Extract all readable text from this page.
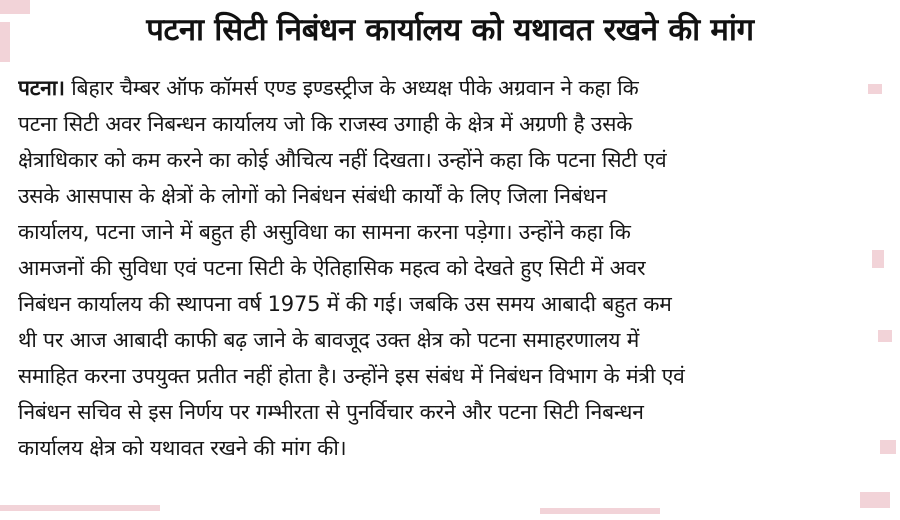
पटना सिटी निबंधन कार्यालय को यथावत रखने की मांग
पटना। बिहार चैम्बर ऑफ कॉमर्स एण्ड इण्डस्ट्रीज के अध्यक्ष पीके अग्रवान ने कहा कि
पटना सिटी अवर निबन्धन कार्यालय जो कि राजस्व उगाही के क्षेत्र में अग्रणी है उसके
क्षेत्राधिकार को कम करने का कोई औचित्य नहीं दिखता। उन्होंने कहा कि पटना सिटी एवं
उसके आसपास के क्षेत्रों के लोगों को निबंधन संबंधी कार्यों के लिए जिला निबंधन
कार्यालय, पटना जाने में बहुत ही असुविधा का सामना करना पड़ेगा। उन्होंने कहा कि
आमजनों की सुविधा एवं पटना सिटी के ऐतिहासिक महत्व को देखते हुए सिटी में अवर
निबंधन कार्यालय की स्थापना वर्ष 1975 में की गई। जबकि उस समय आबादी बहुत कम
थी पर आज आबादी काफी बढ़ जाने के बावजूद उक्त क्षेत्र को पटना समाहरणालय में
समाहित करना उपयुक्त प्रतीत नहीं होता है। उन्होंने इस संबंध में निबंधन विभाग के मंत्री एवं
निबंधन सचिव से इस निर्णय पर गम्भीरता से पुनर्विचार करने और पटना सिटी निबन्धन
कार्यालय क्षेत्र को यथावत रखने की मांग की।
